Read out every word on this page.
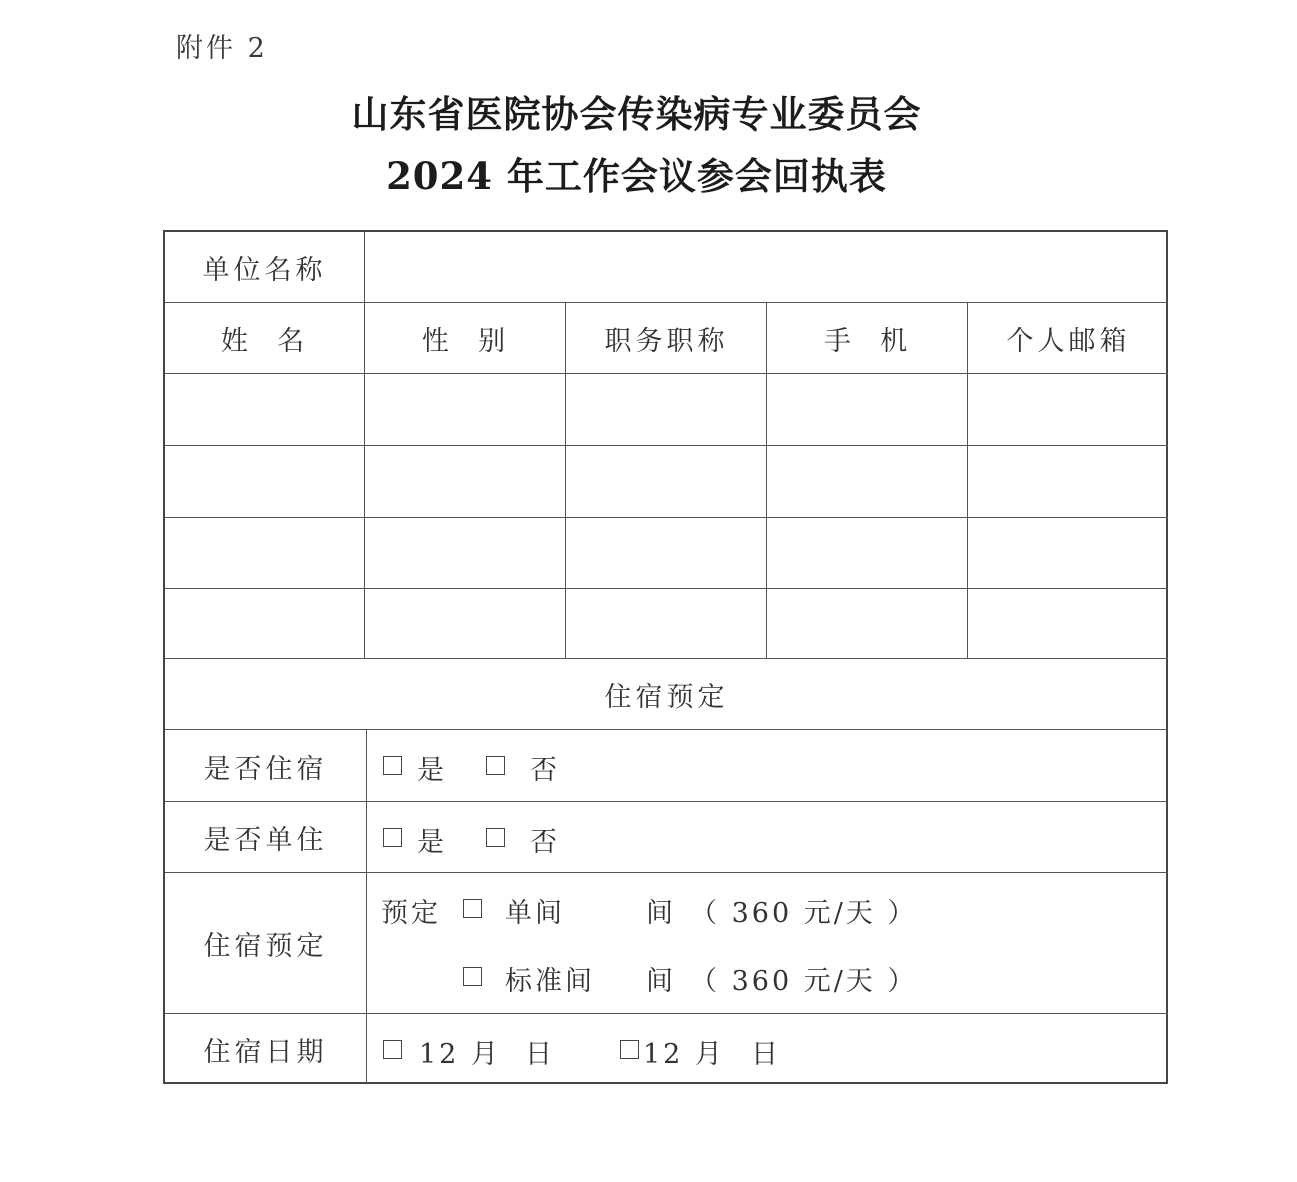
附件 2
山东省医院协会传染病专业委员会
2024 年工作会议参会回执表
单位名称
姓  名	性  别	职务职称	手  机	个人邮箱
住宿预定
是否住宿	是	否
是否单住	是	否
住宿预定
预定 单间	间 （ 360 元/天 ）
标准间 间 （ 360 元/天 ）
住宿日期	12 月 日	12 月 日
